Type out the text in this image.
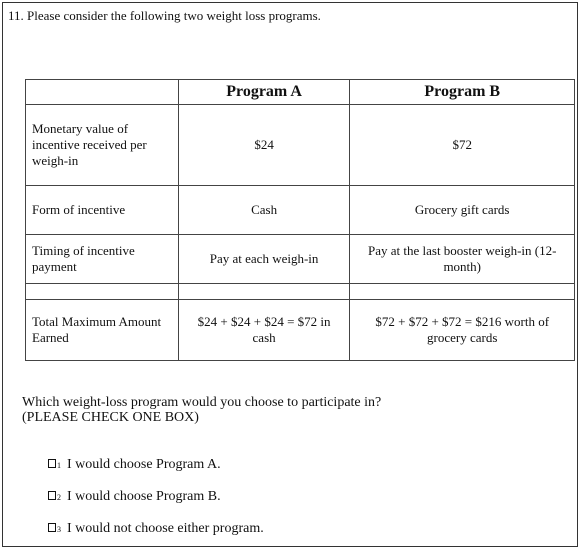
11. Please consider the following two weight loss programs.
	Program A	Program B
Monetary value of incentive received per weigh-in	$24	$72
Form of incentive	Cash	Grocery gift cards
Timing of incentive payment	Pay at each weigh-in	Pay at the last booster weigh-in (12-month)

Total Maximum Amount Earned	$24 + $24 + $24 = $72 in cash	$72 + $72 + $72 = $216 worth of grocery cards
Which weight-loss program would you choose to participate in?
(PLEASE CHECK ONE BOX)
1 I would choose Program A.
2 I would choose Program B.
3 I would not choose either program.
